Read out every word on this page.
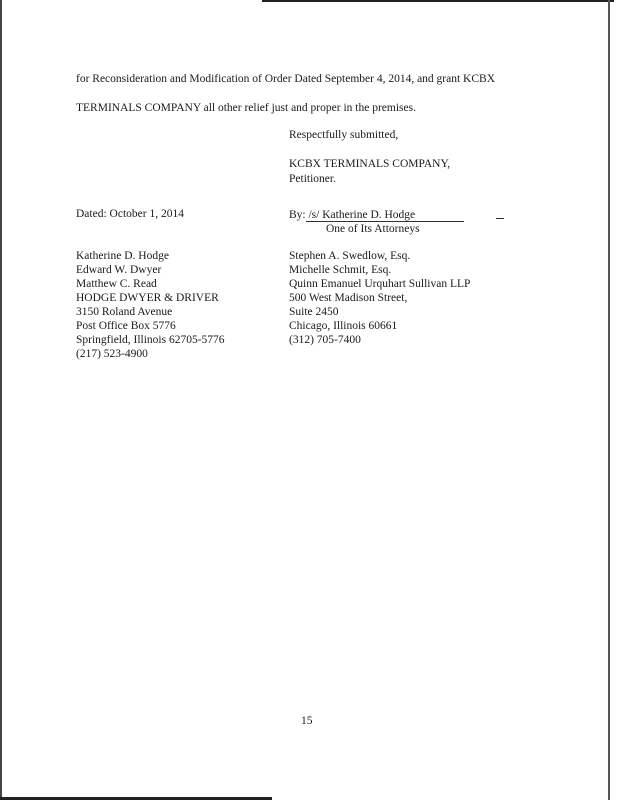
for Reconsideration and Modification of Order Dated September 4, 2014, and grant KCBX
TERMINALS COMPANY all other relief just and proper in the premises.
Respectfully submitted,
KCBX TERMINALS COMPANY,
Petitioner.
Dated: October 1, 2014	By: /s/ Katherine D. Hodge
One of Its Attorneys
Katherine D. Hodge
Edward W. Dwyer
Matthew C. Read
HODGE DWYER & DRIVER
3150 Roland Avenue
Post Office Box 5776
Springfield, Illinois 62705-5776
(217) 523-4900
Stephen A. Swedlow, Esq.
Michelle Schmit, Esq.
Quinn Emanuel Urquhart Sullivan LLP
500 West Madison Street,
Suite 2450
Chicago, Illinois 60661
(312) 705-7400
15
